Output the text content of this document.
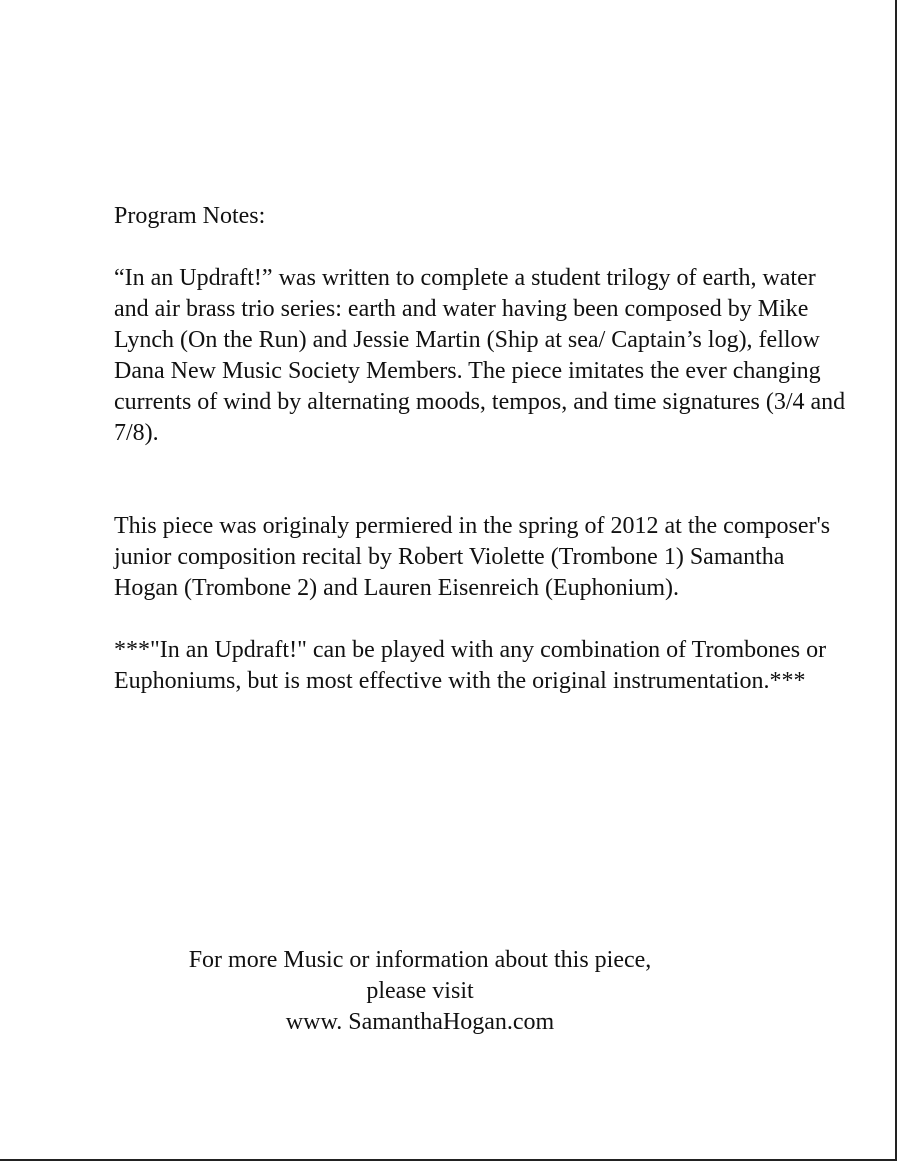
Program Notes:

“In an Updraft!” was written to complete a student trilogy of earth, water and air brass trio series: earth and water having been composed by Mike Lynch (On the Run) and Jessie Martin (Ship at sea/ Captain’s log), fellow Dana New Music Society Members. The piece imitates the ever changing currents of wind by alternating moods, tempos, and time signatures (3/4 and 7/8).

This piece was originaly permiered in the spring of 2012 at the composer's junior composition recital by Robert Violette (Trombone 1) Samantha Hogan (Trombone 2) and Lauren Eisenreich (Euphonium).

***"In an Updraft!" can be played with any combination of Trombones or Euphoniums, but is most effective with the original instrumentation.***

For more Music or information about this piece,
please visit
www. SamanthaHogan.com
